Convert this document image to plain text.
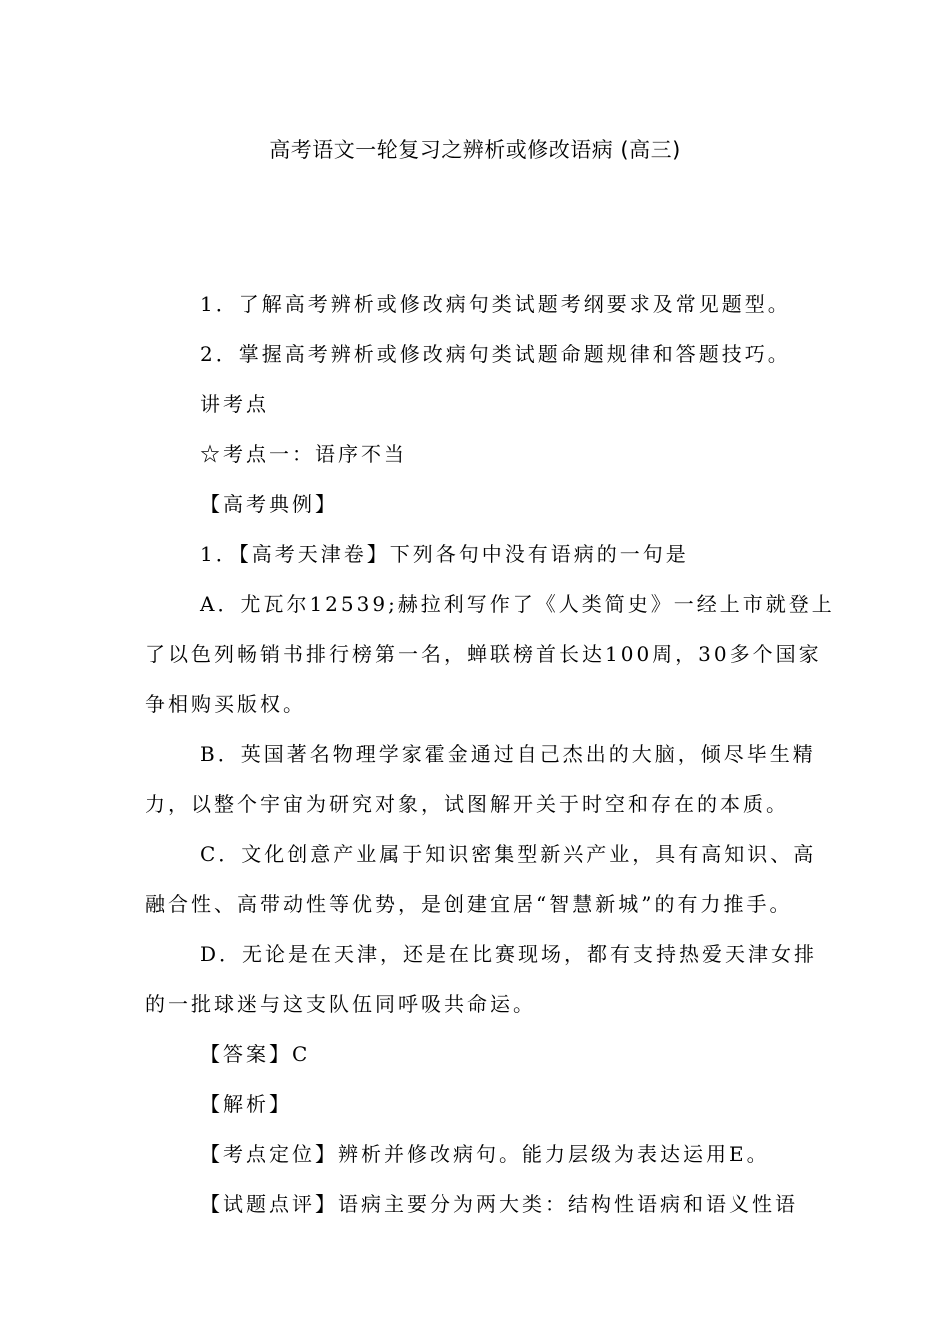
高考语文一轮复习之辨析或修改语病 (高三)
1．了解高考辨析或修改病句类试题考纲要求及常见题型。
2．掌握高考辨析或修改病句类试题命题规律和答题技巧。
讲考点
☆考点一：语序不当
【高考典例】
1．【高考天津卷】下列各句中没有语病的一句是
A．尤瓦尔12539;赫拉利写作了《人类简史》一经上市就登上
了以色列畅销书排行榜第一名，蝉联榜首长达100周，30多个国家
争相购买版权。
B．英国著名物理学家霍金通过自己杰出的大脑，倾尽毕生精
力，以整个宇宙为研究对象，试图解开关于时空和存在的本质。
C．文化创意产业属于知识密集型新兴产业，具有高知识、高
融合性、高带动性等优势，是创建宜居“智慧新城”的有力推手。
D．无论是在天津，还是在比赛现场，都有支持热爱天津女排
的一批球迷与这支队伍同呼吸共命运。
【答案】C
【解析】
【考点定位】辨析并修改病句。能力层级为表达运用E。
【试题点评】语病主要分为两大类：结构性语病和语义性语
